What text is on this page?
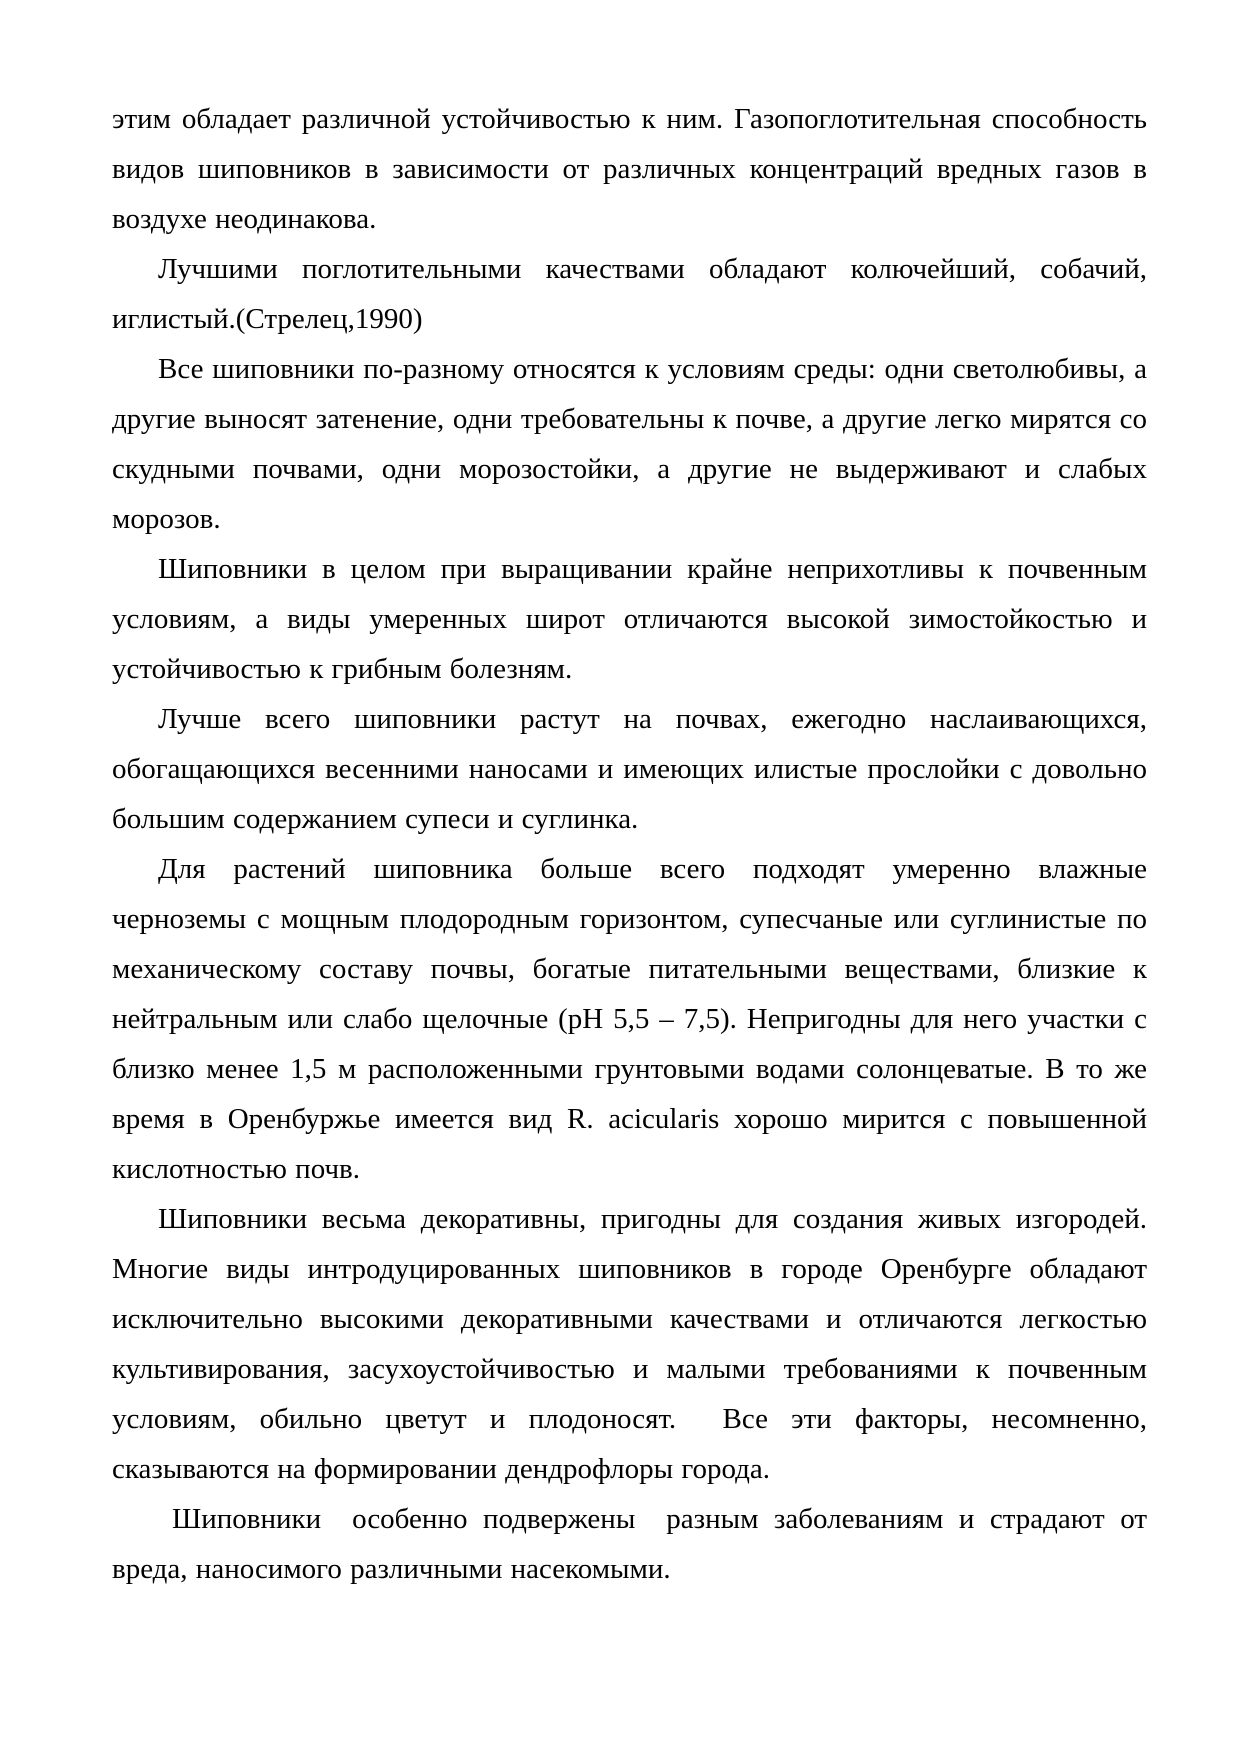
этим обладает различной устойчивостью к ним. Газопоглотительная способность видов шиповников в зависимости от различных концентраций вредных газов в воздухе неодинакова.

Лучшими поглотительными качествами обладают колючейший, собачий, иглистый.(Стрелец,1990)

Все шиповники по-разному относятся к условиям среды: одни светолюбивы, а другие выносят затенение, одни требовательны к почве, а другие легко мирятся со скудными почвами, одни морозостойки, а другие не выдерживают и слабых морозов.

Шиповники в целом при выращивании крайне неприхотливы к почвенным условиям, а виды умеренных широт отличаются высокой зимостойкостью и устойчивостью к грибным болезням.

Лучше всего шиповники растут на почвах, ежегодно наслаивающихся, обогащающихся весенними наносами и имеющих илистые прослойки с довольно большим содержанием супеси и суглинка.

Для растений шиповника больше всего подходят умеренно влажные черноземы с мощным плодородным горизонтом, супесчаные или суглинистые по механическому составу почвы, богатые питательными веществами, близкие к нейтральным или слабо щелочные (pH 5,5 – 7,5). Непригодны для него участки с близко менее 1,5 м расположенными грунтовыми водами солонцеватые. В то же время в Оренбуржье имеется вид R. acicularis хорошо мирится с повышенной кислотностью почв.

Шиповники весьма декоративны, пригодны для создания живых изгородей. Многие виды интродуцированных шиповников в городе Оренбурге обладают исключительно высокими декоративными качествами и отличаются легкостью культивирования, засухоустойчивостью и малыми требованиями к почвенным условиям, обильно цветут и плодоносят.  Все эти факторы, несомненно, сказываются на формировании дендрофлоры города.

Шиповники  особенно подвержены  разным заболеваниям и страдают от вреда, наносимого различными насекомыми.
